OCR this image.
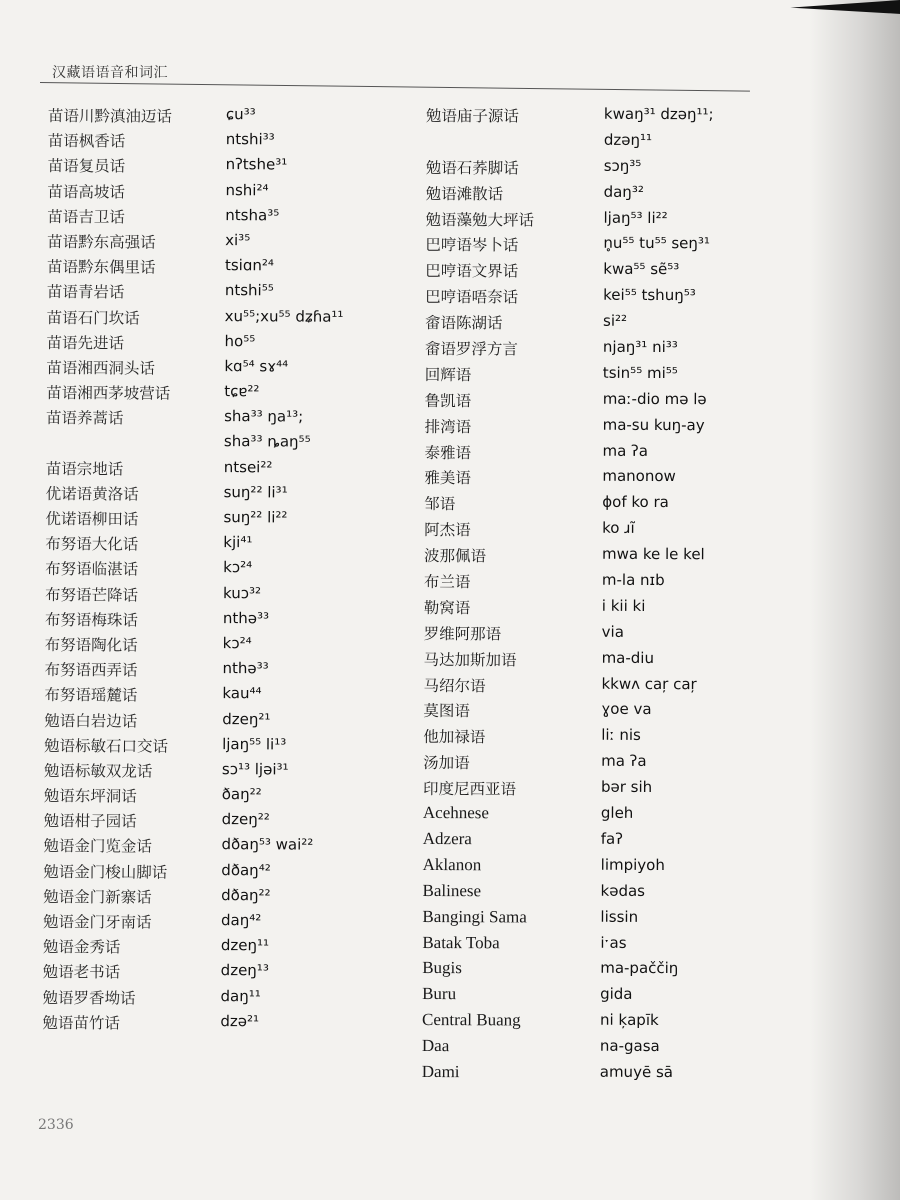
汉藏语语音和词汇
苗语川黔滇油迈话	ɕu³³
苗语枫香话	ntshi³³
苗语复员话	nʔtshe³¹
苗语高坡话	nshi²⁴
苗语吉卫话	ntsha³⁵
苗语黔东高强话	xi³⁵
苗语黔东偶里话	tsiɑn²⁴
苗语青岩话	ntshi⁵⁵
苗语石门坎话	xu⁵⁵;xu⁵⁵ dʑɦa¹¹
苗语先进话	ho⁵⁵
苗语湘西洞头话	kɑ⁵⁴ sɤ⁴⁴
苗语湘西茅坡营话	tɕɐ²²
苗语养蒿话	sha³³ ŋa¹³;
sha³³ ȵaŋ⁵⁵
苗语宗地话	ntsei²²
优诺语黄洛话	suŋ²² li³¹
优诺语柳田话	suŋ²² li²²
布努语大化话	kji⁴¹
布努语临湛话	kɔ²⁴
布努语芒降话	kuɔ³²
布努语梅珠话	nthə³³
布努语陶化话	kɔ²⁴
布努语西弄话	nthə³³
布努语瑶麓话	kau⁴⁴
勉语白岩边话	dzeŋ²¹
勉语标敏石口交话	ljaŋ⁵⁵ li¹³
勉语标敏双龙话	sɔ¹³ ljəi³¹
勉语东坪洞话	ðaŋ²²
勉语柑子园话	dzeŋ²²
勉语金门览金话	dðaŋ⁵³ wai²²
勉语金门梭山脚话	dðaŋ⁴²
勉语金门新寨话	dðaŋ²²
勉语金门牙南话	daŋ⁴²
勉语金秀话	dzeŋ¹¹
勉语老书话	dzeŋ¹³
勉语罗香坳话	daŋ¹¹
勉语苗竹话	dzə²¹
勉语庙子源话	kwaŋ³¹ dzəŋ¹¹;
dzəŋ¹¹
勉语石荞脚话	sɔŋ³⁵
勉语滩散话	daŋ³²
勉语藻勉大坪话	ljaŋ⁵³ li²²
巴哼语岑卜话	n̥u⁵⁵ tu⁵⁵ seŋ³¹
巴哼语文界话	kwa⁵⁵ sẽ⁵³
巴哼语唔奈话	kei⁵⁵ tshuŋ⁵³
畲语陈湖话	si²²
畲语罗浮方言	njaŋ³¹ ni³³
回辉语	tsin⁵⁵ mi⁵⁵
鲁凯语	maː-dio mə lə
排湾语	ma-su kuŋ-ay
泰雅语	ma ʔa
雅美语	manonow
邹语	ɸof ko ra
阿杰语	ko ɹĩ
波那佩语	mwa ke le kel
布兰语	m-la nɪb
勒窝语	i kii ki
罗维阿那语	via
马达加斯加语	ma-diu
马绍尔语	kkwʌ caŗ caŗ
莫图语	ɣoe va
他加禄语	liː nis
汤加语	ma ʔa
印度尼西亚语	bər sih
Acehnese	gleh
Adzera	faʔ
Aklanon	limpiyoh
Balinese	kədas
Bangingi Sama	lissin
Batak Toba	iˑas
Bugis	ma-paččiŋ
Buru	gida
Central Buang	ni ķapīk
Daa	na-gasa
Dami	amuyē sā
2336
